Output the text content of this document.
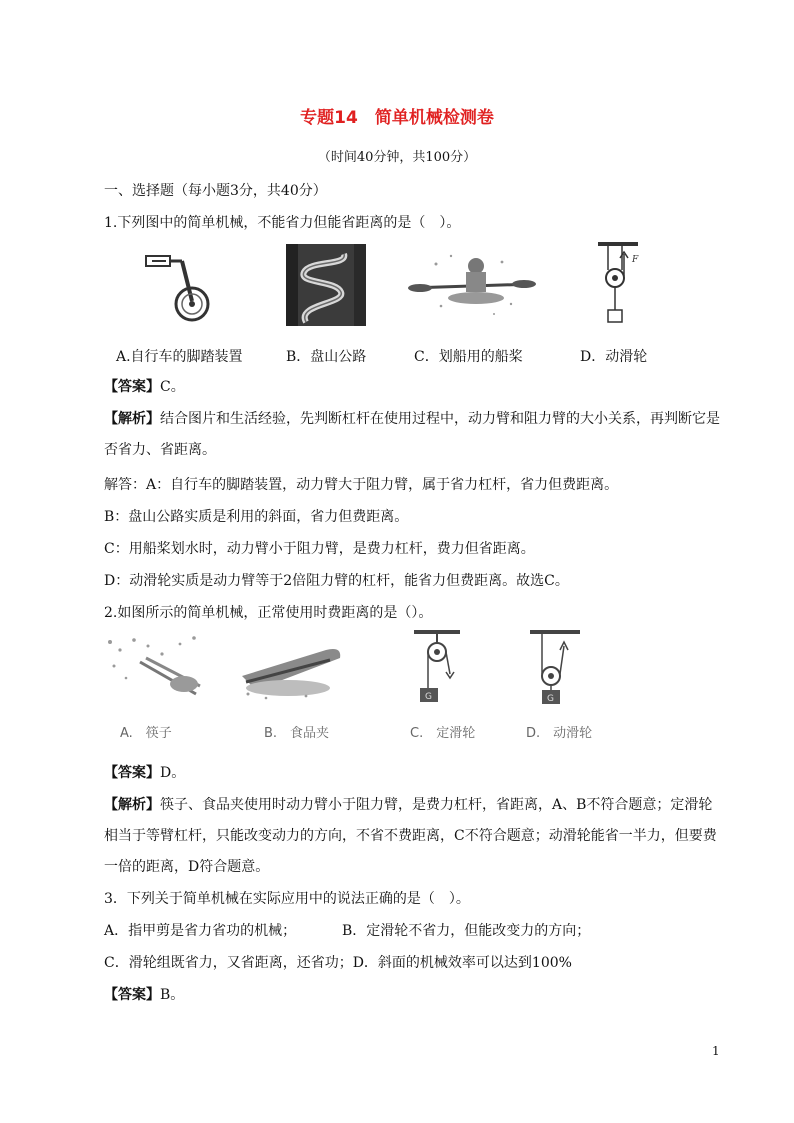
专题14　简单机械检测卷
（时间40分钟，共100分）
一、选择题（每小题3分，共40分）
1.下列图中的简单机械，不能省力但能省距离的是（　）。
F
A.自行车的脚踏装置	B．盘山公路	C．划船用的船桨	D．动滑轮
【答案】C。
【解析】结合图片和生活经验，先判断杠杆在使用过程中，动力臂和阻力臂的大小关系，再判断它是否省力、省距离。
解答：A：自行车的脚踏装置，动力臂大于阻力臂，属于省力杠杆，省力但费距离。
B：盘山公路实质是利用的斜面，省力但费距离。
C：用船桨划水时，动力臂小于阻力臂，是费力杠杆，费力但省距离。
D：动滑轮实质是动力臂等于2倍阻力臂的杠杆，能省力但费距离。故选C。
2.如图所示的简单机械，正常使用时费距离的是（）。
G	G
A.　筷子	B.　食品夹	C.　定滑轮	D.　动滑轮
【答案】D。
【解析】筷子、食品夹使用时动力臂小于阻力臂，是费力杠杆，省距离，A、B不符合题意；定滑轮相当于等臂杠杆，只能改变动力的方向，不省不费距离，C不符合题意；动滑轮能省一半力，但要费一倍的距离，D符合题意。
3．下列关于简单机械在实际应用中的说法正确的是（　）。
A．指甲剪是省力省功的机械；	B．定滑轮不省力，但能改变力的方向；
C．滑轮组既省力，又省距离，还省功；D．斜面的机械效率可以达到100%
【答案】B。
1
